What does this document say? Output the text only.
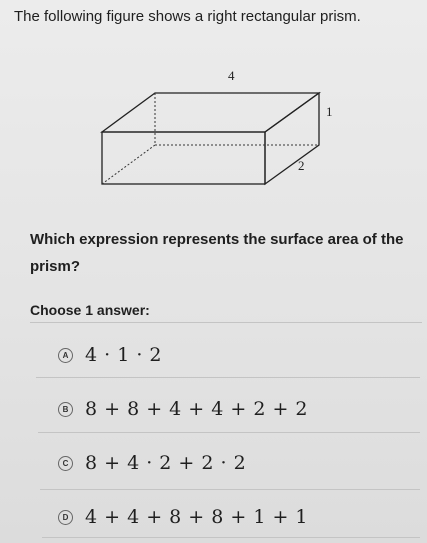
The following figure shows a right rectangular prism.
4
1
2
Which expression represents the surface area of the prism?
Choose 1 answer:
A 4 · 1 · 2
B 8 + 8 + 4 + 4 + 2 + 2
C 8 + 4 · 2 + 2 · 2
D 4 + 4 + 8 + 8 + 1 + 1
